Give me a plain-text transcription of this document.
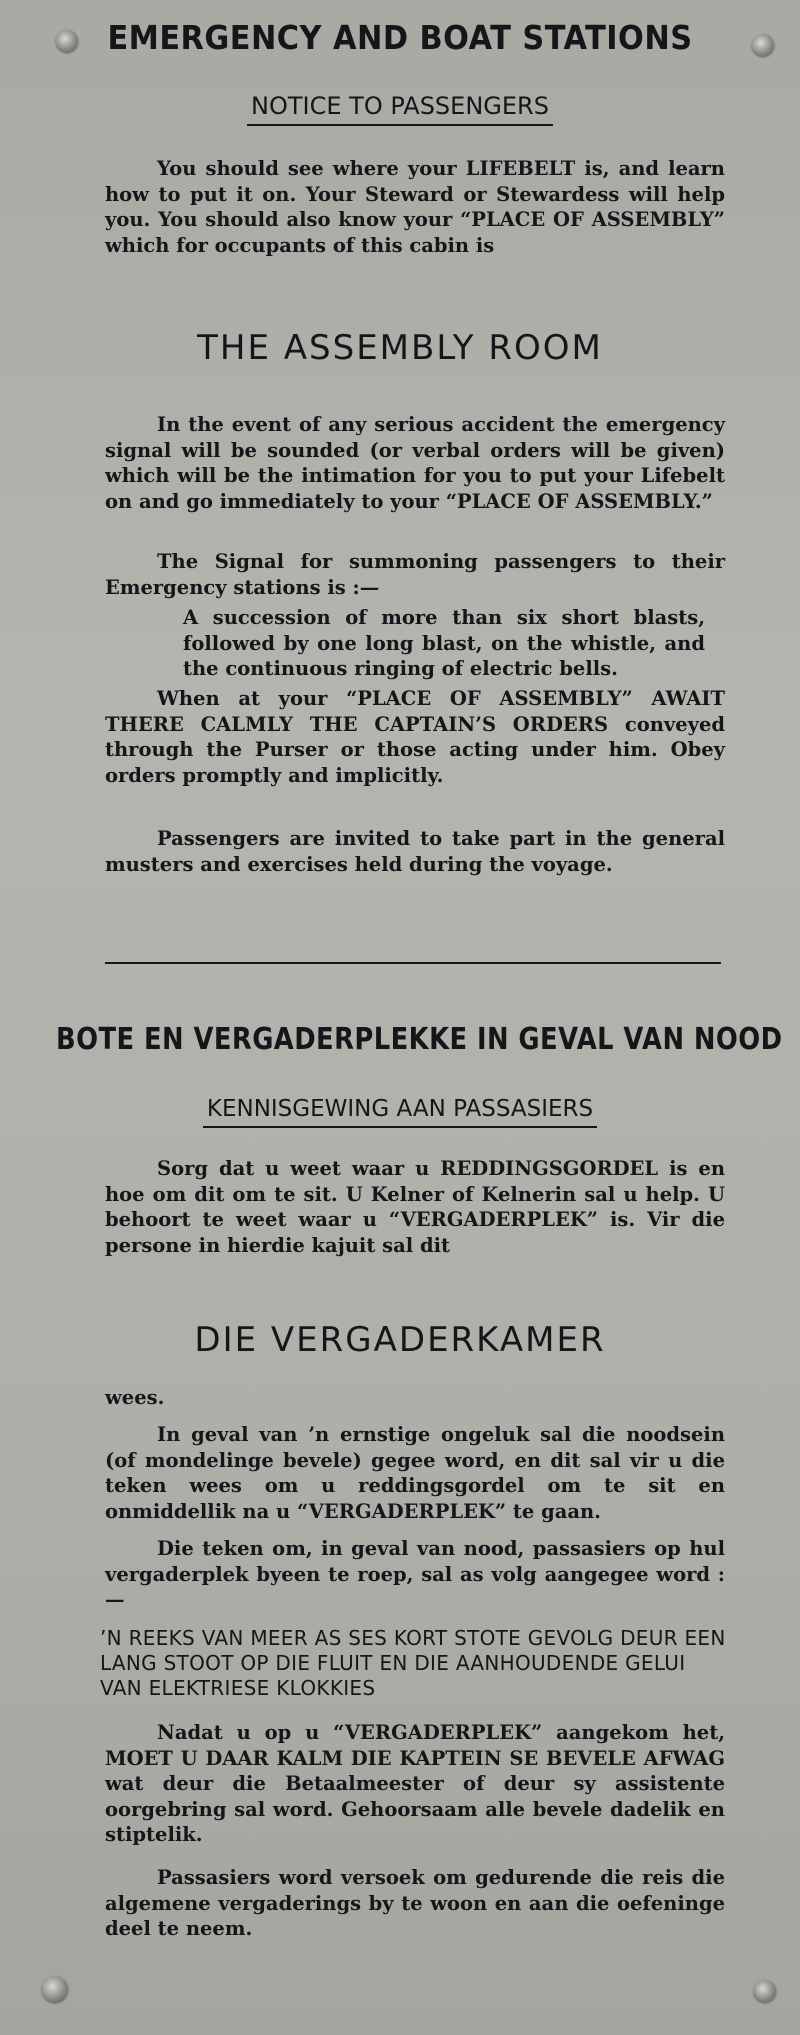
EMERGENCY AND BOAT STATIONS
NOTICE TO PASSENGERS
You should see where your LIFEBELT is, and learn how to put it on. Your Steward or Stewardess will help you. You should also know your “PLACE OF ASSEMBLY” which for occupants of this cabin is
THE ASSEMBLY ROOM
In the event of any serious accident the emergency signal will be sounded (or verbal orders will be given) which will be the intimation for you to put your Lifebelt on and go immediately to your “PLACE OF ASSEMBLY.”
The Signal for summoning passengers to their Emergency stations is :—
A succession of more than six short blasts, followed by one long blast, on the whistle, and the continuous ringing of electric bells.
When at your “PLACE OF ASSEMBLY” AWAIT THERE CALMLY THE CAPTAIN’S ORDERS conveyed through the Purser or those acting under him. Obey orders promptly and implicitly.
Passengers are invited to take part in the general musters and exercises held during the voyage.
BOTE EN VERGADERPLEKKE IN GEVAL VAN NOOD
KENNISGEWING AAN PASSASIERS
Sorg dat u weet waar u REDDINGSGORDEL is en hoe om dit om te sit. U Kelner of Kelnerin sal u help. U behoort te weet waar u “VERGADERPLEK” is. Vir die persone in hierdie kajuit sal dit
DIE VERGADERKAMER
wees.
In geval van ’n ernstige ongeluk sal die noodsein (of mondelinge bevele) gegee word, en dit sal vir u die teken wees om u reddingsgordel om te sit en onmiddellik na u “VERGADERPLEK” te gaan.
Die teken om, in geval van nood, passasiers op hul vergaderplek byeen te roep, sal as volg aangegee word :—
’N REEKS VAN MEER AS SES KORT STOTE GEVOLG DEUR EEN LANG STOOT OP DIE FLUIT EN DIE AANHOUDENDE GELUI VAN ELEKTRIESE KLOKKIES
Nadat u op u “VERGADERPLEK” aangekom het, MOET U DAAR KALM DIE KAPTEIN SE BEVELE AFWAG wat deur die Betaalmeester of deur sy assistente oorgebring sal word. Gehoorsaam alle bevele dadelik en stiptelik.
Passasiers word versoek om gedurende die reis die algemene vergaderings by te woon en aan die oefeninge deel te neem.
